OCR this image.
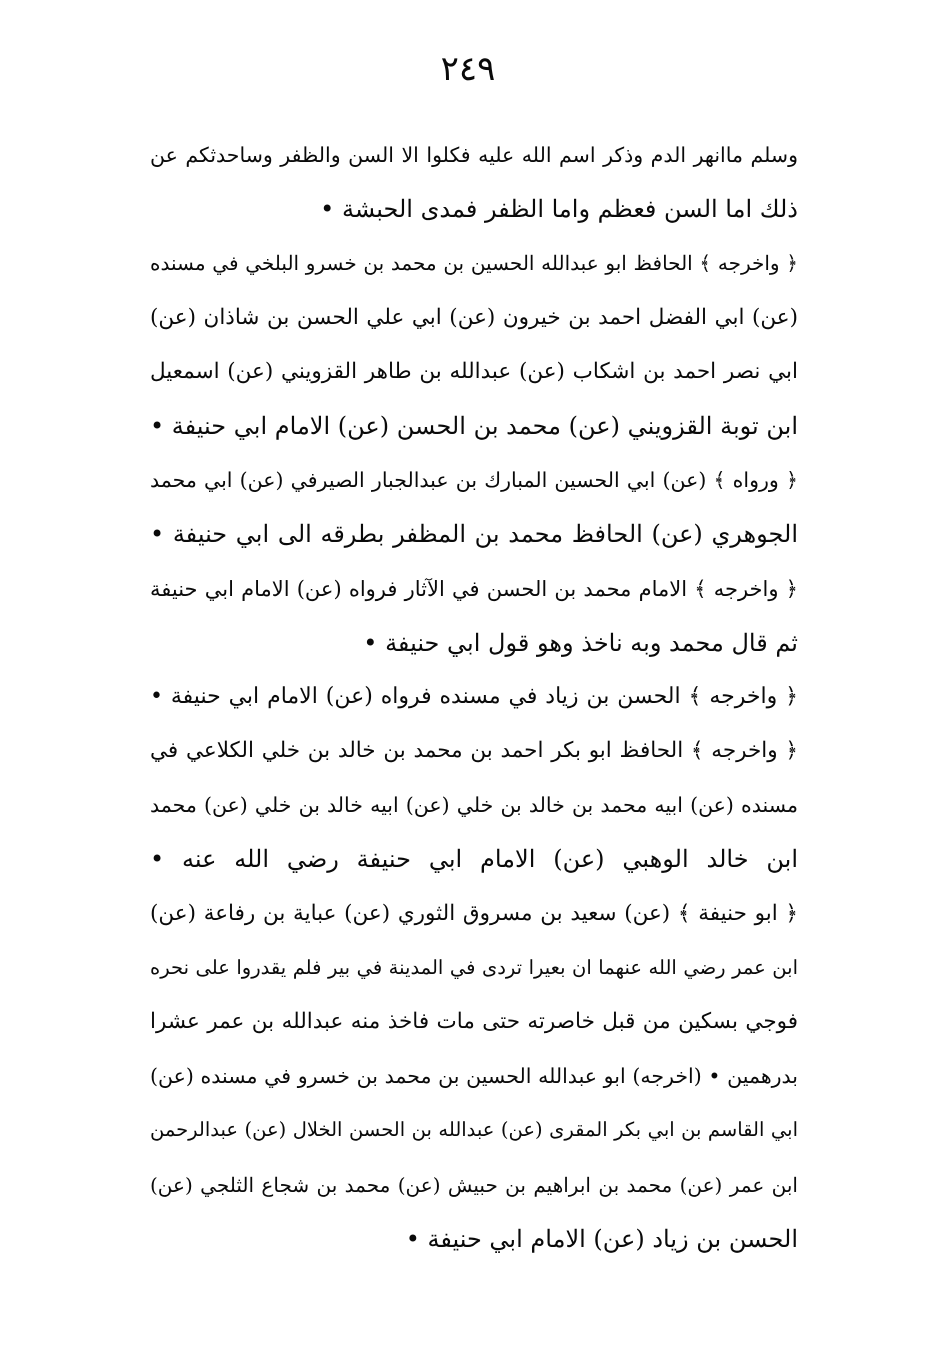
٢٤٩
وسلم ماانهر الدم وذكر اسم الله عليه فكلوا الا السن والظفر وساحدثكم عن
ذلك اما السن فعظم واما الظفر فمدى الحبشة •
﴿ واخرجه ﴾ الحافظ ابو عبدالله الحسين بن محمد بن خسرو البلخي في مسنده
(عن) ابي الفضل احمد بن خيرون (عن) ابي علي الحسن بن شاذان (عن)
ابي نصر احمد بن اشكاب (عن) عبدالله بن طاهر القزويني (عن) اسمعيل
ابن توبة القزويني (عن) محمد بن الحسن (عن) الامام ابي حنيفة •
﴿ ورواه ﴾ (عن) ابي الحسين المبارك بن عبدالجبار الصيرفي (عن) ابي محمد
الجوهري (عن) الحافظ محمد بن المظفر بطرقه الى ابي حنيفة •
﴿ واخرجه ﴾ الامام محمد بن الحسن في الآثار فرواه (عن) الامام ابي حنيفة
ثم قال محمد وبه ناخذ وهو قول ابي حنيفة •
﴿ واخرجه ﴾ الحسن بن زياد في مسنده فرواه (عن) الامام ابي حنيفة •
﴿ واخرجه ﴾ الحافظ ابو بكر احمد بن محمد بن خالد بن خلي الكلاعي في
مسنده (عن) ابيه محمد بن خالد بن خلي (عن) ابيه خالد بن خلي (عن) محمد
ابن خالد الوهبي (عن) الامام ابي حنيفة رضي الله عنه •
﴿ ابو حنيفة ﴾ (عن) سعيد بن مسروق الثوري (عن) عباية بن رفاعة (عن)
ابن عمر رضي الله عنهما ان بعيرا تردى في المدينة في بير فلم يقدروا على نحره
فوجي بسكين من قبل خاصرته حتى مات فاخذ منه عبدالله بن عمر عشرا
بدرهمين • (اخرجه) ابو عبدالله الحسين بن محمد بن خسرو في مسنده (عن)
ابي القاسم بن ابي بكر المقرى (عن) عبدالله بن الحسن الخلال (عن) عبدالرحمن
ابن عمر (عن) محمد بن ابراهيم بن حبيش (عن) محمد بن شجاع الثلجي (عن)
الحسن بن زياد (عن) الامام ابي حنيفة •
